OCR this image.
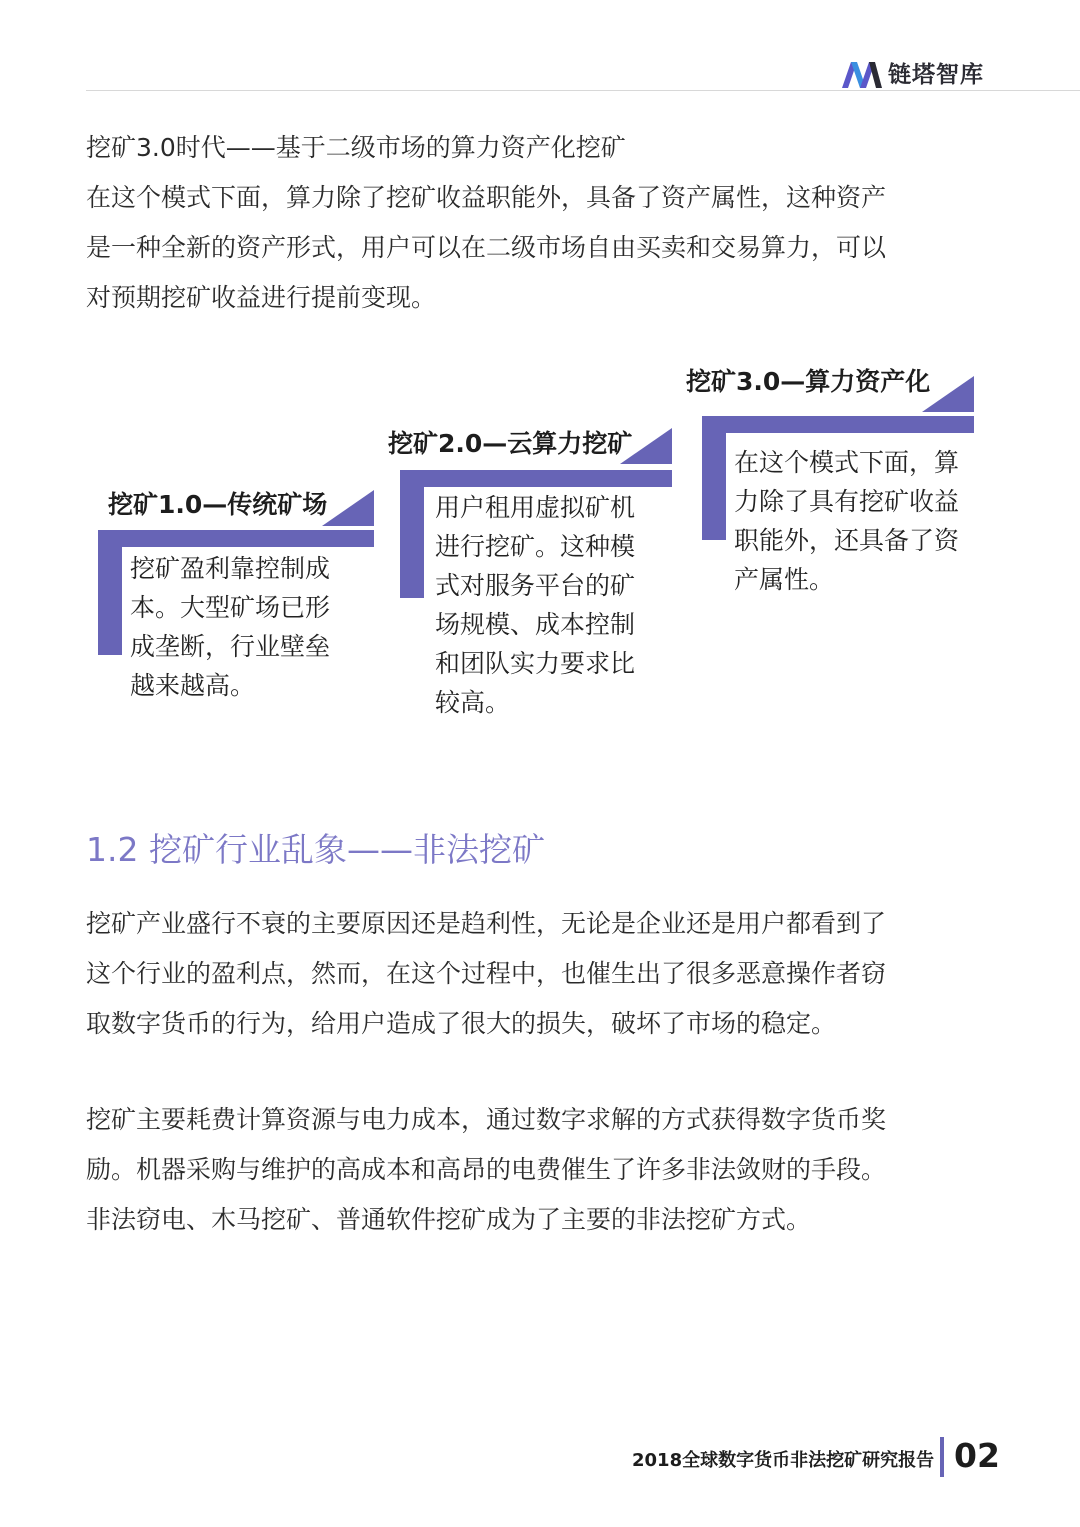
链塔智库

挖矿3.0时代——基于二级市场的算力资产化挖矿

在这个模式下面，算力除了挖矿收益职能外，具备了资产属性，这种资产

是一种全新的资产形式，用户可以在二级市场自由买卖和交易算力，可以

对预期挖矿收益进行提前变现。

挖矿1.0—传统矿场

挖矿盈利靠控制成

本。大型矿场已形

成垄断，行业壁垒

越来越高。

挖矿2.0—云算力挖矿

用户租用虚拟矿机

进行挖矿。这种模

式对服务平台的矿

场规模、成本控制

和团队实力要求比

较高。

挖矿3.0—算力资产化

在这个模式下面，算

力除了具有挖矿收益

职能外，还具备了资

产属性。

1.2 挖矿行业乱象——非法挖矿

挖矿产业盛行不衰的主要原因还是趋利性，无论是企业还是用户都看到了

这个行业的盈利点，然而，在这个过程中，也催生出了很多恶意操作者窃

取数字货币的行为，给用户造成了很大的损失，破坏了市场的稳定。

挖矿主要耗费计算资源与电力成本，通过数字求解的方式获得数字货币奖

励。机器采购与维护的高成本和高昂的电费催生了许多非法敛财的手段。

非法窃电、木马挖矿、普通软件挖矿成为了主要的非法挖矿方式。

2018全球数字货币非法挖矿研究报告 02
